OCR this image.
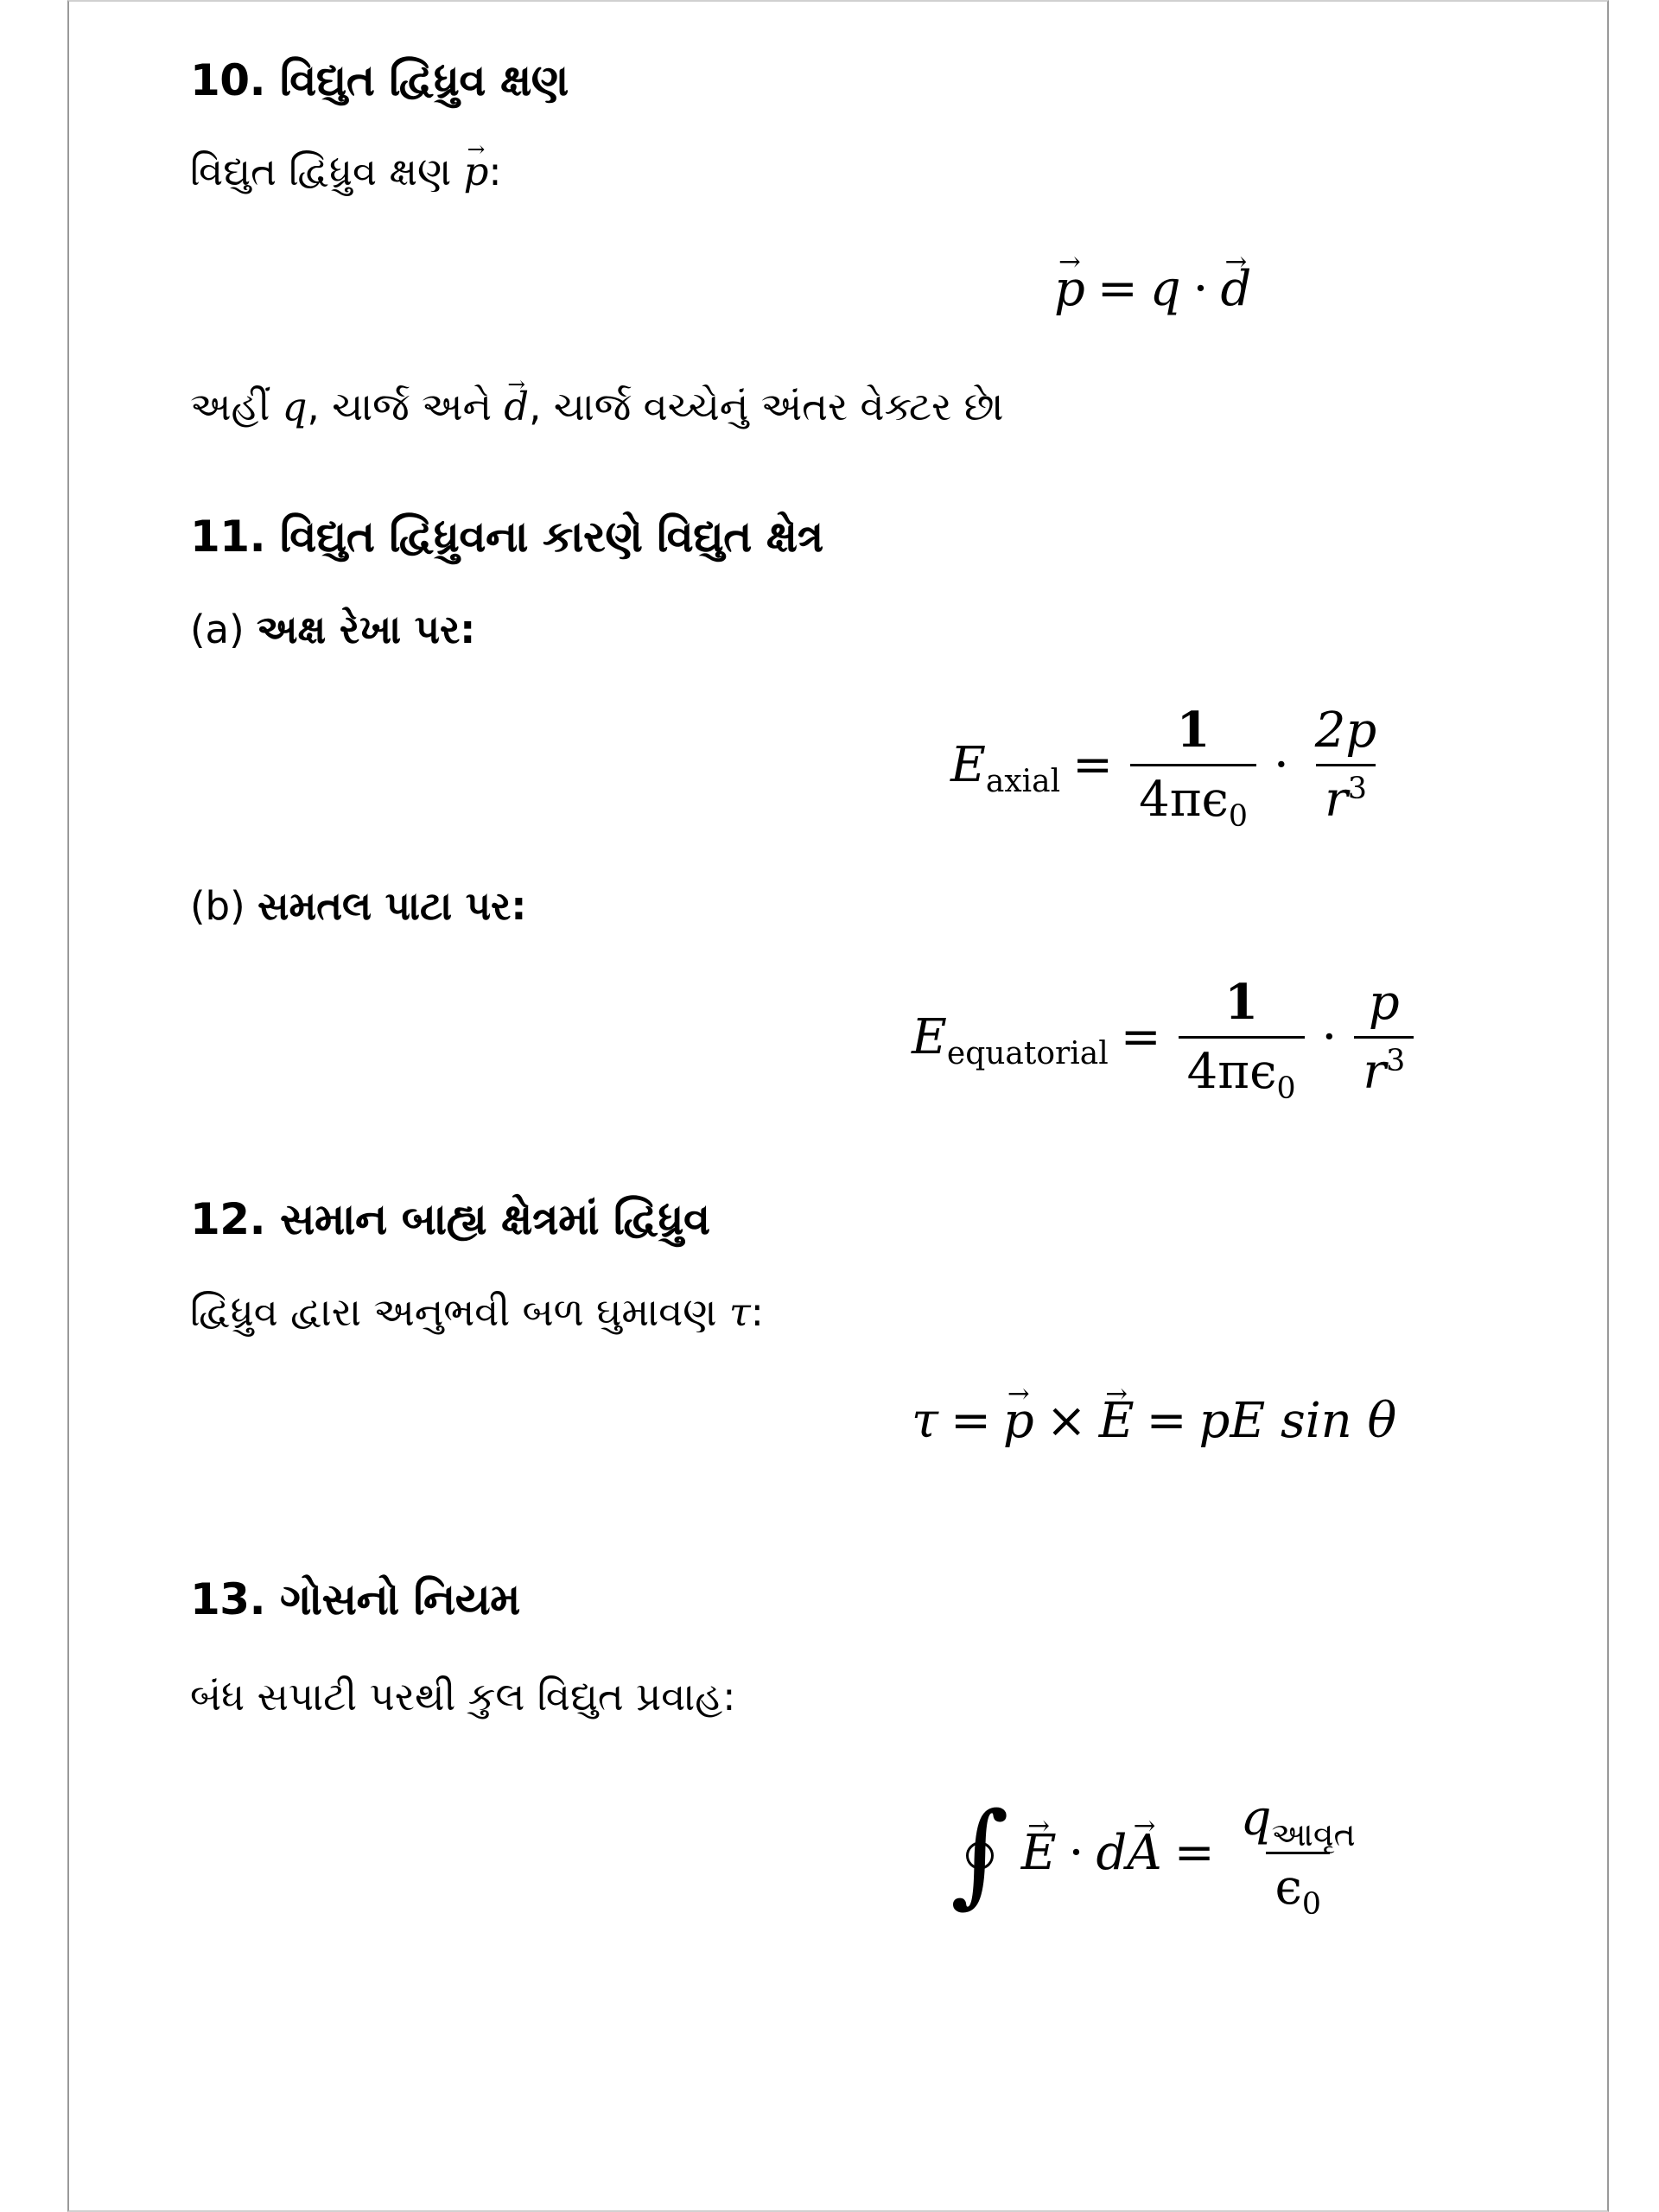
10. વિદ્યુત દ્વિધ્રુવ ક્ષણ
વિદ્યુત દ્વિધ્રુવ ક્ષણ → p:
→ p = q · → d
અહીં q, ચાર્જ અને → d, ચાર્જ વચ્ચેનું અંતર વેક્ટર છે।
11. વિદ્યુત દ્વિધ્રુવના કારણે વિદ્યુત ક્ષેત્ર
(a) અક્ષ રેખા પર:
$E_{axial} = \frac{1}{4\pi\epsilon_0} \cdot \frac{2p}{r^3}$
(b) સમતલ પાટા પર:
$E_{equatorial} = \frac{1}{4\pi\epsilon_0} \cdot \frac{p}{r^3}$
12. સમાન બાહ્ય ક્ષેત્રમાં દ્વિધ્રુવ
દ્વિધ્રુવ દ્વારા અનુભવી બળ ઘુમાવણ τ:
τ = → p × → E = pE sin θ
13. ગોસનો નિયમ
બંધ સપાટી પરથી કુલ વિદ્યુત પ્રવાહ:
∫ → $E \cdot d\to A = \frac{q_{આવૃત}}{\epsilon_0}$
